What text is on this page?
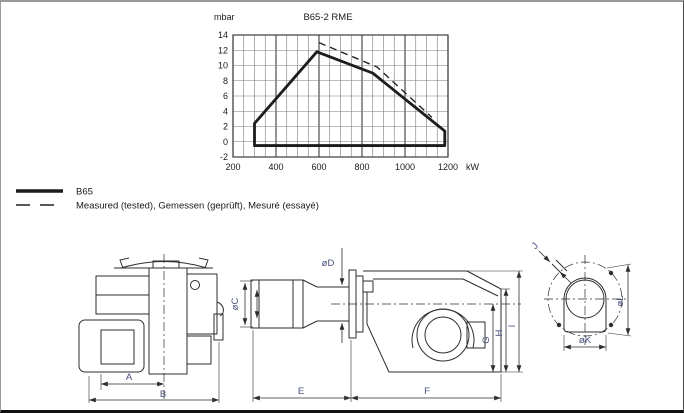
mbar	B65-2 RME
kW
-2
0
2
4
6
8
10
12
14
200	400	600	800	1000	1200
B65
Measured (tested), Gemessen (geprüft), Mesuré (essayé)
A
B
øC
øD
E	F
G
H
I
J
øK
øL
